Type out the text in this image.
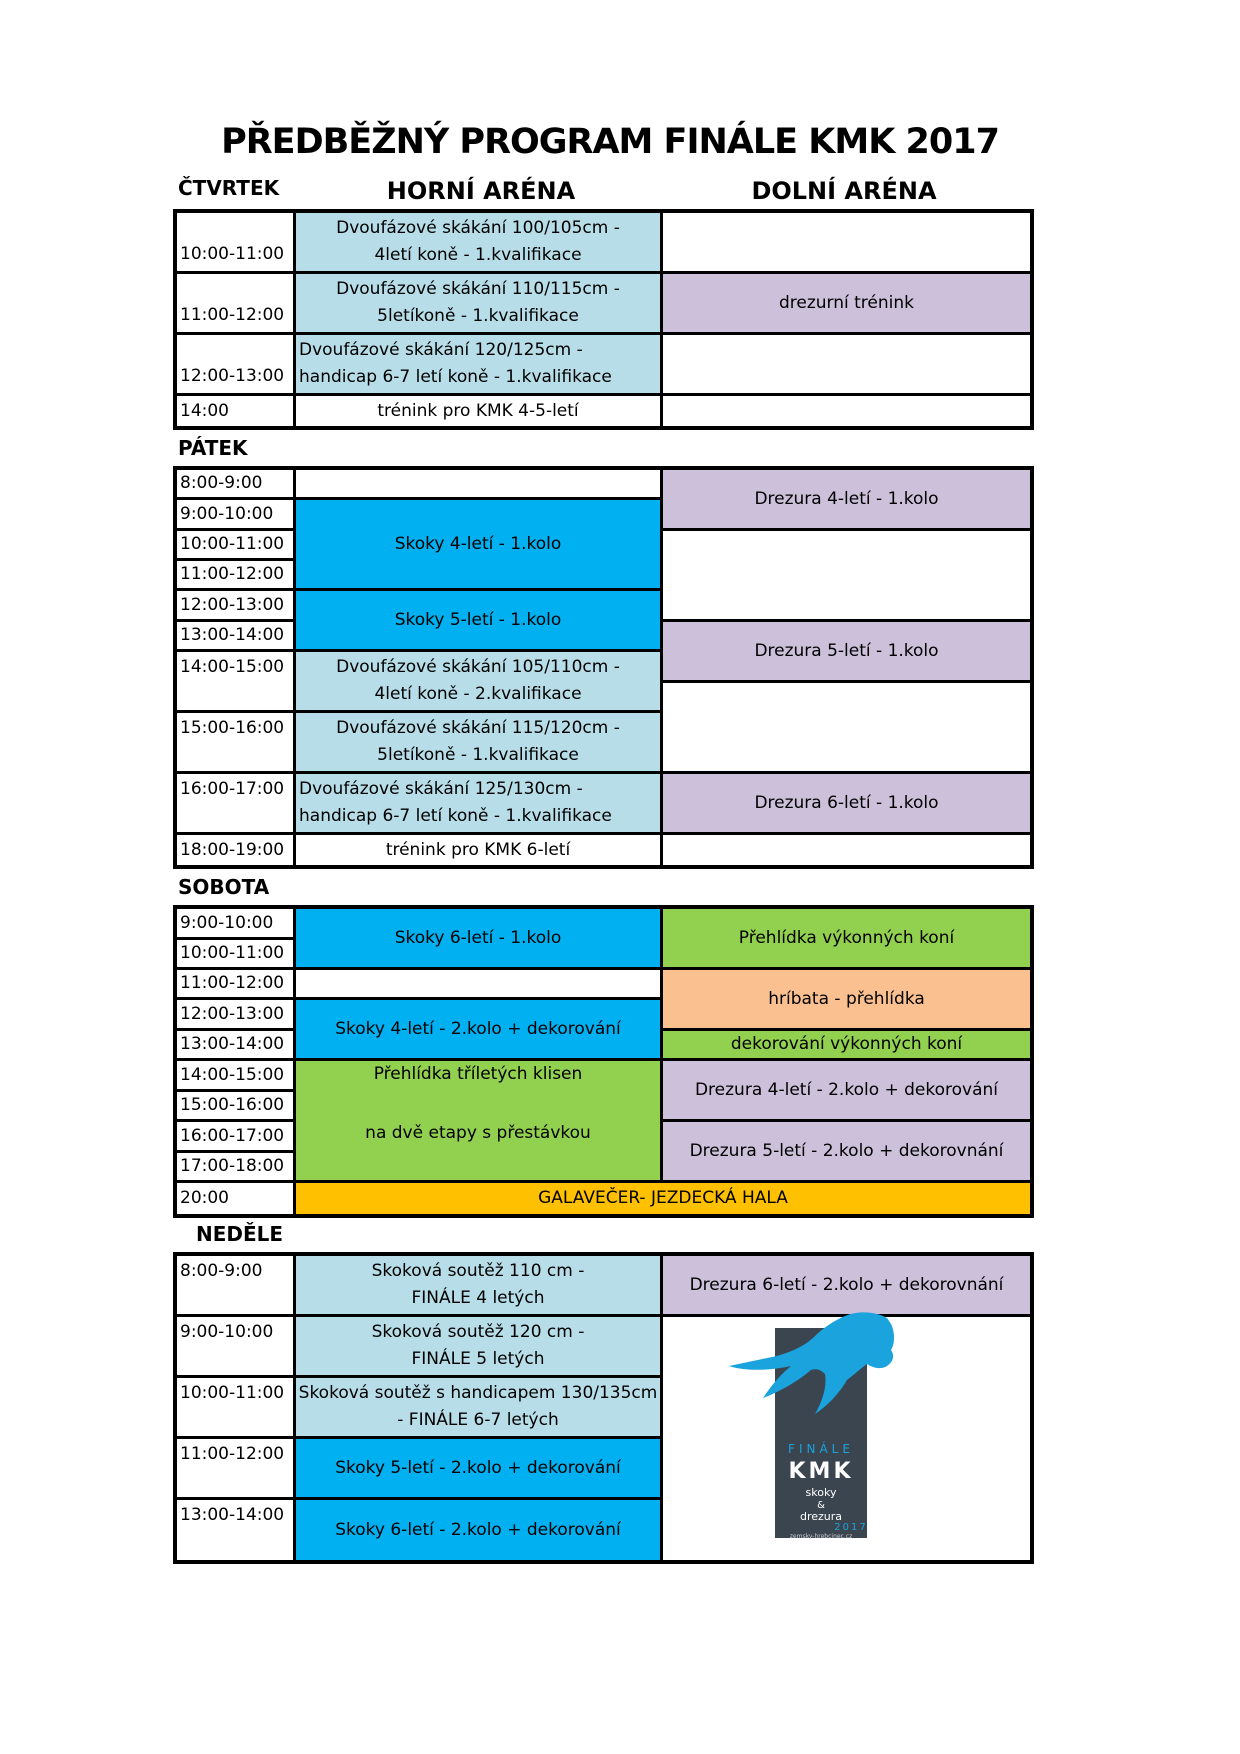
PŘEDBĚŽNÝ PROGRAM FINÁLE KMK 2017
ČTVRTEK	HORNÍ ARÉNA	DOLNÍ ARÉNA
10:00-11:00
11:00-12:00
12:00-13:00
14:00
Dvoufázové skákání 100/105cm - 4letí koně - 1.kvalifikace
Dvoufázové skákání 110/115cm - 5letíkoně - 1.kvalifikace
Dvoufázové skákání 120/125cm - handicap 6-7 letí koně - 1.kvalifikace
trénink pro KMK 4-5-letí
drezurní trénink
PÁTEK
8:00-9:00
9:00-10:00
10:00-11:00
11:00-12:00
12:00-13:00
13:00-14:00
14:00-15:00
15:00-16:00
16:00-17:00
18:00-19:00
Skoky 4-letí - 1.kolo
Skoky 5-letí - 1.kolo
Dvoufázové skákání 105/110cm - 4letí koně - 2.kvalifikace
Dvoufázové skákání 115/120cm - 5letíkoně - 1.kvalifikace
Dvoufázové skákání 125/130cm - handicap 6-7 letí koně - 1.kvalifikace
trénink pro KMK 6-letí
Drezura 4-letí - 1.kolo
Drezura 5-letí - 1.kolo
Drezura 6-letí - 1.kolo
SOBOTA
9:00-10:00
10:00-11:00
11:00-12:00
12:00-13:00
13:00-14:00
14:00-15:00
15:00-16:00
16:00-17:00
17:00-18:00
20:00
Skoky 6-letí - 1.kolo
Skoky 4-letí - 2.kolo + dekorování
Přehlídka tříletých klisen
na dvě etapy s přestávkou
Přehlídka výkonných koní
hríbata - přehlídka
dekorování výkonných koní
Drezura 4-letí - 2.kolo + dekorování
Drezura 5-letí - 2.kolo + dekorovnání
GALAVEČER- JEZDECKÁ HALA
NEDĚLE
8:00-9:00
9:00-10:00
10:00-11:00
11:00-12:00
13:00-14:00
Skoková soutěž 110 cm - FINÁLE 4 letých
Skoková soutěž 120 cm - FINÁLE 5 letých
Skoková soutěž s handicapem 130/135cm - FINÁLE 6-7 letých
Skoky 5-letí - 2.kolo + dekorování
Skoky 6-letí - 2.kolo + dekorování
Drezura 6-letí - 2.kolo + dekorovnání
FINÁLE
KMK
skoky
&
drezura
2017
zemsky-hrebcinec.cz
